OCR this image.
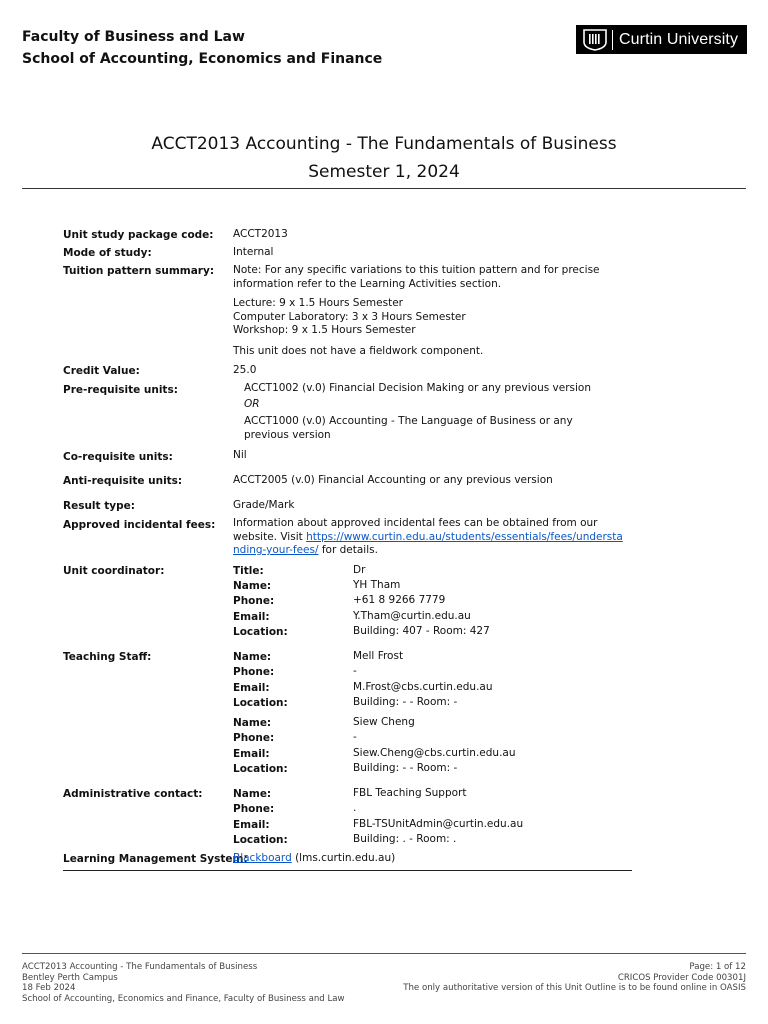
Faculty of Business and Law
School of Accounting, Economics and Finance
Curtin University
ACCT2013 Accounting - The Fundamentals of Business
Semester 1, 2024
Unit study package code: ACCT2013
Mode of study:	Internal
Tuition pattern summary: Note: For any specific variations to this tuition pattern and for precise information refer to the Learning Activities section.
Lecture: 9 x 1.5 Hours Semester
Computer Laboratory: 3 x 3 Hours Semester
Workshop: 9 x 1.5 Hours Semester
This unit does not have a fieldwork component.
Credit Value:	25.0
Pre-requisite units:	ACCT1002 (v.0) Financial Decision Making or any previous version
OR
ACCT1000 (v.0) Accounting - The Language of Business or any previous version
Co-requisite units:	Nil
Anti-requisite units:	ACCT2005 (v.0) Financial Accounting or any previous version
Result type:	Grade/Mark
Approved incidental fees: Information about approved incidental fees can be obtained from our website. Visit https://www.curtin.edu.au/students/essentials/fees/understanding-your-fees/ for details.
Unit coordinator:	Title:	Dr
Name:	YH Tham
Phone:	+61 8 9266 7779
Email:	Y.Tham@curtin.edu.au
Location:	Building: 407 - Room: 427
Teaching Staff:	Name:	Mell Frost
Phone:	-
Email:	M.Frost@cbs.curtin.edu.au
Location:	Building: - - Room: -
Name:	Siew Cheng
Phone:	-
Email:	Siew.Cheng@cbs.curtin.edu.au
Location:	Building: - - Room: -
Administrative contact:	Name:	FBL Teaching Support
Phone:	.
Email:	FBL-TSUnitAdmin@curtin.edu.au
Location:	Building: . - Room: .
Learning Management System:
Blackboard (lms.curtin.edu.au)
ACCT2013 Accounting - The Fundamentals of Business
Bentley Perth Campus
18 Feb 2024
School of Accounting, Economics and Finance, Faculty of Business and Law
Page: 1 of 12
CRICOS Provider Code 00301J
The only authoritative version of this Unit Outline is to be found online in OASIS
